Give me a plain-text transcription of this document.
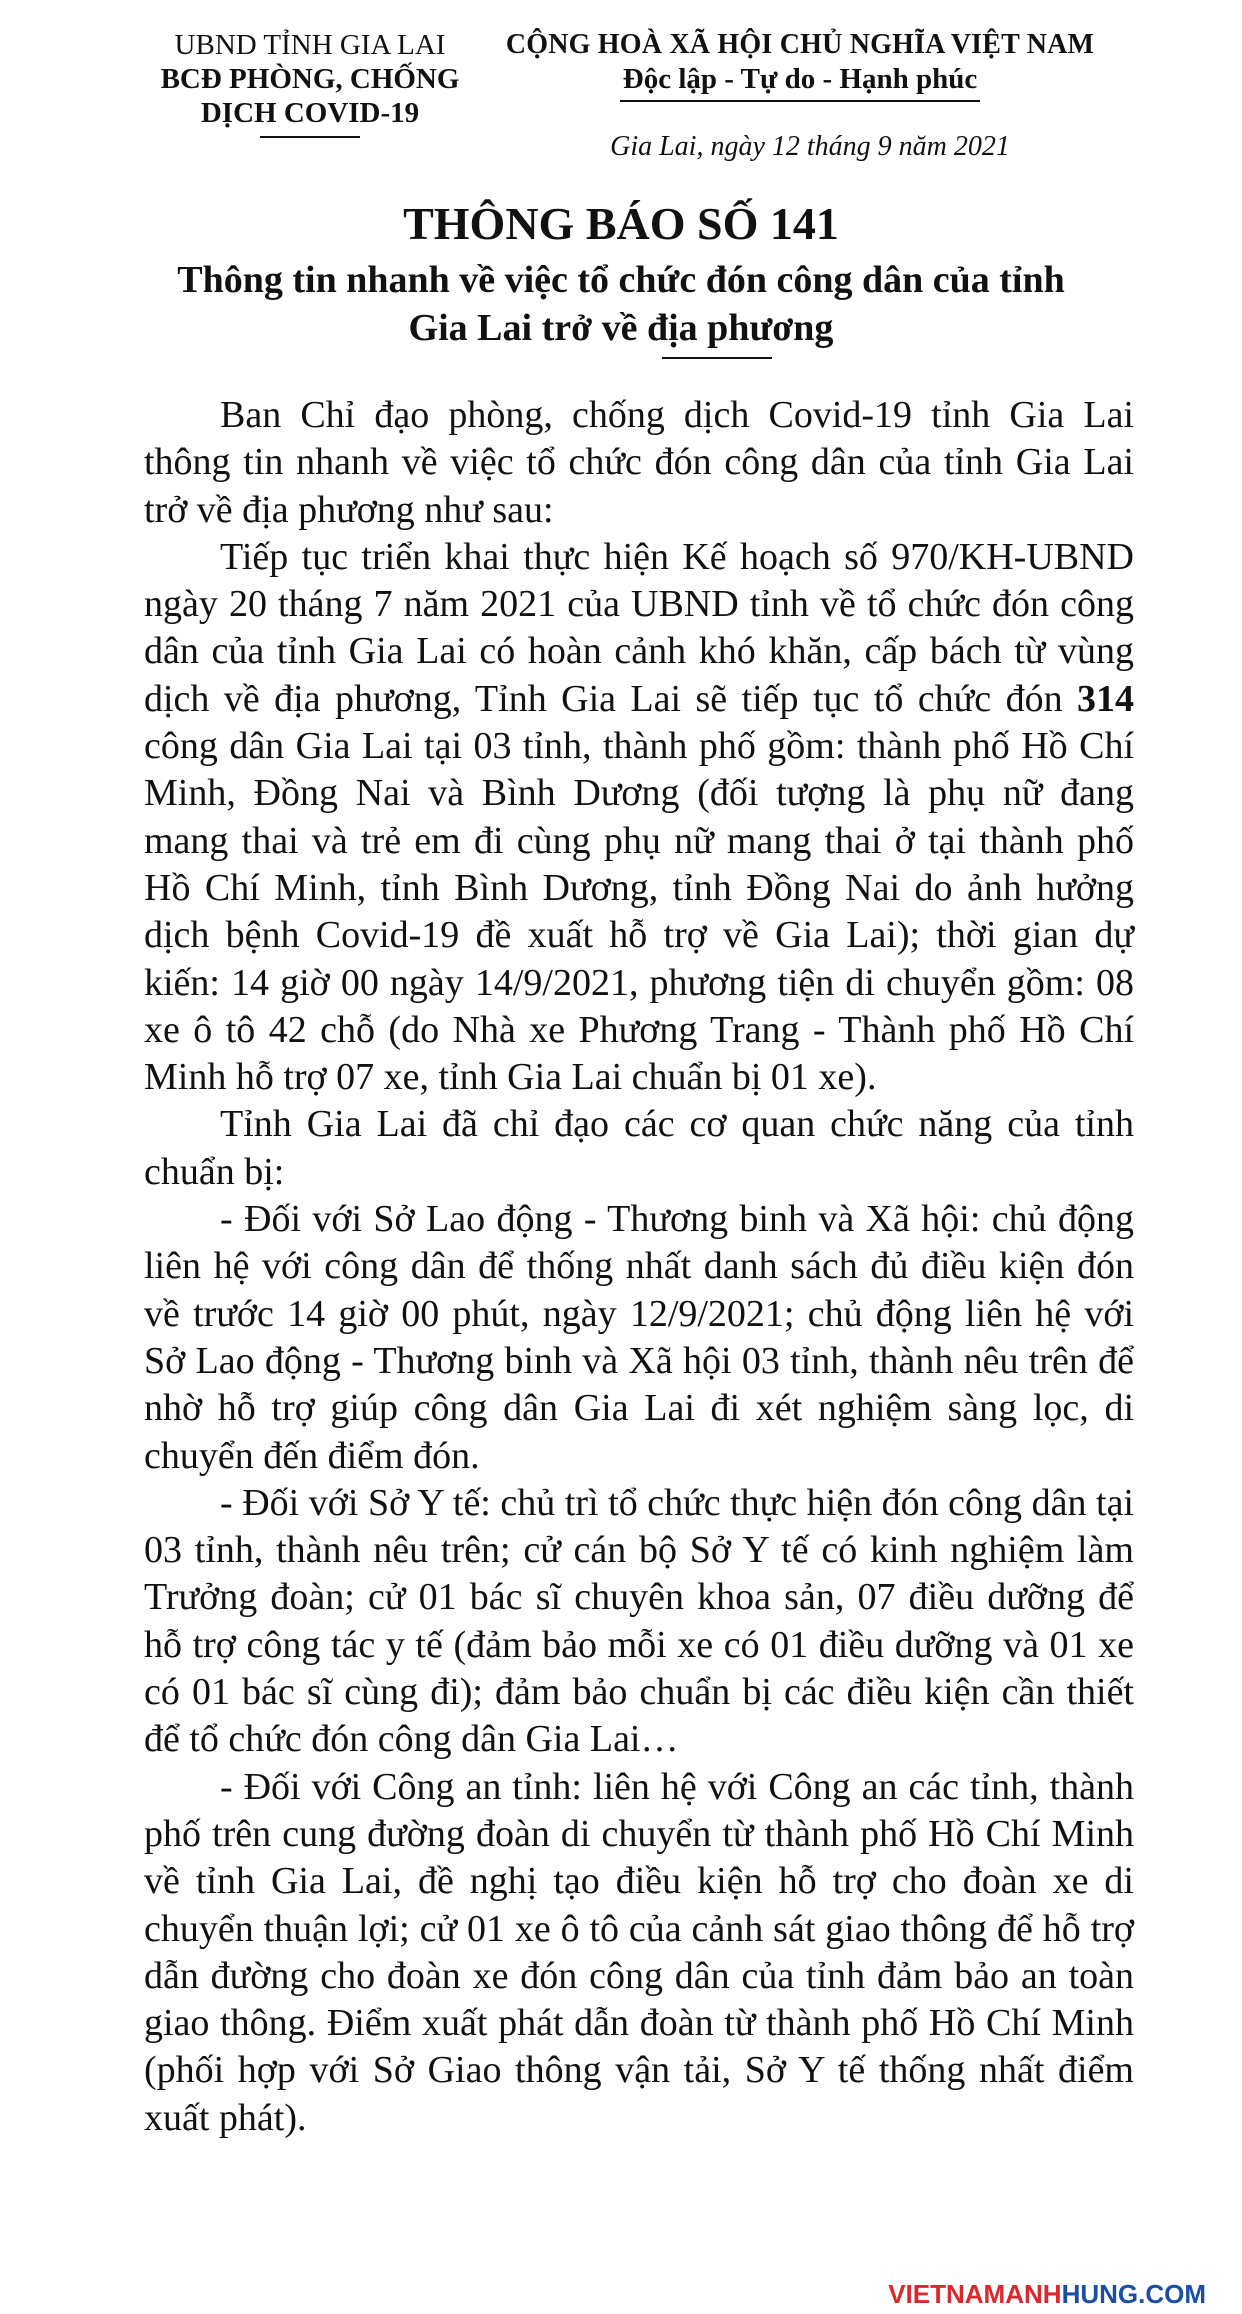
UBND TỈNH GIA LAI
BCĐ PHÒNG, CHỐNG
DỊCH COVID-19
CỘNG HOÀ XÃ HỘI CHỦ NGHĨA VIỆT NAM
Độc lập - Tự do - Hạnh phúc
Gia Lai, ngày 12 tháng 9 năm 2021
THÔNG BÁO SỐ 141
Thông tin nhanh về việc tổ chức đón công dân của tỉnh
Gia Lai trở về địa phương

Ban Chỉ đạo phòng, chống dịch Covid-19 tỉnh Gia Lai thông tin nhanh về việc tổ chức đón công dân của tỉnh Gia Lai trở về địa phương như sau:

Tiếp tục triển khai thực hiện Kế hoạch số 970/KH-UBND ngày 20 tháng 7 năm 2021 của UBND tỉnh về tổ chức đón công dân của tỉnh Gia Lai có hoàn cảnh khó khăn, cấp bách từ vùng dịch về địa phương, Tỉnh Gia Lai sẽ tiếp tục tổ chức đón 314 công dân Gia Lai tại 03 tỉnh, thành phố gồm: thành phố Hồ Chí Minh, Đồng Nai và Bình Dương (đối tượng là phụ nữ đang mang thai và trẻ em đi cùng phụ nữ mang thai ở tại thành phố Hồ Chí Minh, tỉnh Bình Dương, tỉnh Đồng Nai do ảnh hưởng dịch bệnh Covid-19 đề xuất hỗ trợ về Gia Lai); thời gian dự kiến: 14 giờ 00 ngày 14/9/2021, phương tiện di chuyển gồm: 08 xe ô tô 42 chỗ (do Nhà xe Phương Trang - Thành phố Hồ Chí Minh hỗ trợ 07 xe, tỉnh Gia Lai chuẩn bị 01 xe).

Tỉnh Gia Lai đã chỉ đạo các cơ quan chức năng của tỉnh chuẩn bị:

- Đối với Sở Lao động - Thương binh và Xã hội: chủ động liên hệ với công dân để thống nhất danh sách đủ điều kiện đón về trước 14 giờ 00 phút, ngày 12/9/2021; chủ động liên hệ với Sở Lao động - Thương binh và Xã hội 03 tỉnh, thành nêu trên để nhờ hỗ trợ giúp công dân Gia Lai đi xét nghiệm sàng lọc, di chuyển đến điểm đón.

- Đối với Sở Y tế: chủ trì tổ chức thực hiện đón công dân tại 03 tỉnh, thành nêu trên; cử cán bộ Sở Y tế có kinh nghiệm làm Trưởng đoàn; cử 01 bác sĩ chuyên khoa sản, 07 điều dưỡng để hỗ trợ công tác y tế (đảm bảo mỗi xe có 01 điều dưỡng và 01 xe có 01 bác sĩ cùng đi); đảm bảo chuẩn bị các điều kiện cần thiết để tổ chức đón công dân Gia Lai…

- Đối với Công an tỉnh: liên hệ với Công an các tỉnh, thành phố trên cung đường đoàn di chuyển từ thành phố Hồ Chí Minh về tỉnh Gia Lai, đề nghị tạo điều kiện hỗ trợ cho đoàn xe di chuyển thuận lợi; cử 01 xe ô tô của cảnh sát giao thông để hỗ trợ dẫn đường cho đoàn xe đón công dân của tỉnh đảm bảo an toàn giao thông. Điểm xuất phát dẫn đoàn từ thành phố Hồ Chí Minh (phối hợp với Sở Giao thông vận tải, Sở Y tế thống nhất điểm xuất phát).

VIETNAMANHHUNG.COM
